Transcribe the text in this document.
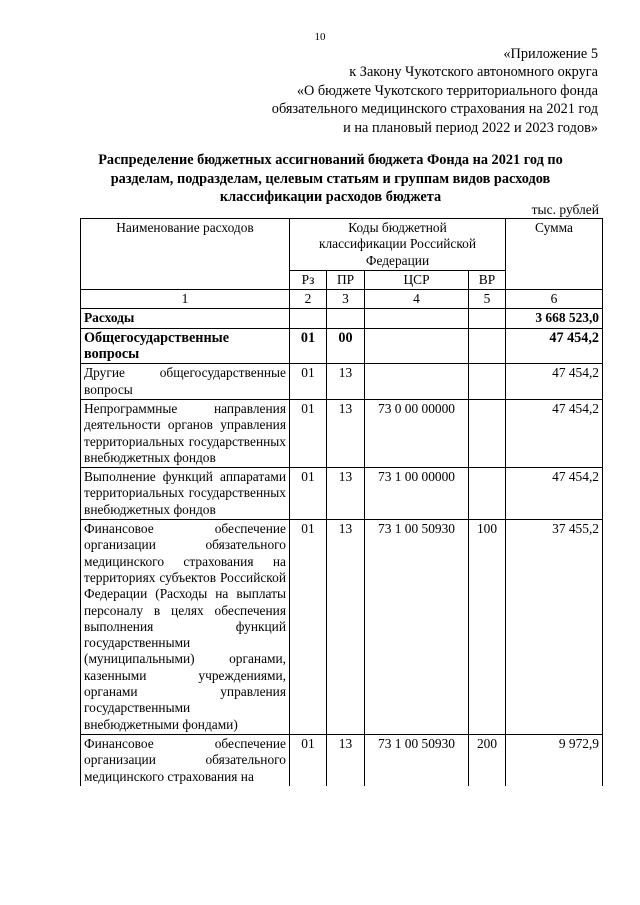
10
«Приложение 5
к Закону Чукотского автономного округа
«О бюджете Чукотского территориального фонда
обязательного медицинского страхования на 2021 год
и на плановый период 2022 и 2023 годов»
Распределение бюджетных ассигнований бюджета Фонда на 2021 год по
разделам, подразделам, целевым статьям и группам видов расходов
классификации расходов бюджета
тыс. рублей
Наименование расходов	Коды бюджетной классификации Российской Федерации				Сумма
	Рз	ПР	ЦСР	ВР	
1	2	3	4	5	6
Расходы					3 668 523,0
Общегосударственные вопросы	01	00			47 454,2
Другие общегосударственные вопросы	01	13			47 454,2
Непрограммные направления деятельности органов управления территориальных государственных внебюджетных фондов	01	13	73 0 00 00000		47 454,2
Выполнение функций аппаратами территориальных государственных внебюджетных фондов	01	13	73 1 00 00000		47 454,2
Финансовое обеспечение организации обязательного медицинского страхования на территориях субъектов Российской Федерации (Расходы на выплаты персоналу в целях обеспечения выполнения функций государственными (муниципальными) органами, казенными учреждениями, органами управления государственными внебюджетными фондами)	01	13	73 1 00 50930	100	37 455,2
Финансовое обеспечение организации обязательного медицинского страхования на	01	13	73 1 00 50930	200	9 972,9
